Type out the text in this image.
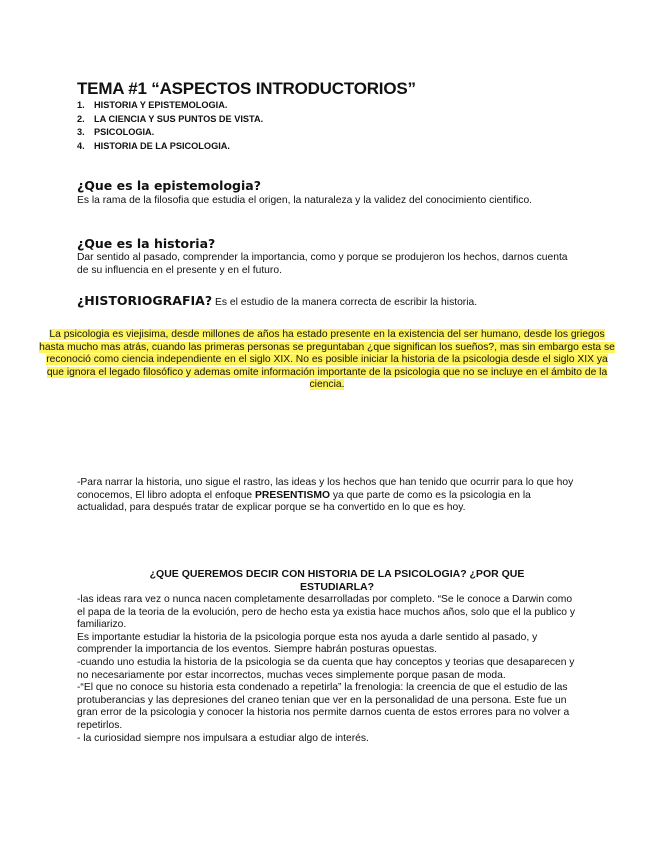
TEMA #1 “ASPECTOS INTRODUCTORIOS”
1. HISTORIA Y EPISTEMOLOGIA.
2. LA CIENCIA Y SUS PUNTOS DE VISTA.
3. PSICOLOGIA.
4. HISTORIA DE LA PSICOLOGIA.
¿Que es la epistemologia?

Es la rama de la filosofia que estudia el origen, la naturaleza y la validez del conocimiento cientifico.

¿Que es la historia?

Dar sentido al pasado, comprender la importancia, como y porque se produjeron los hechos, darnos cuenta de su influencia en el presente y en el futuro.

¿HISTORIOGRAFIA? Es el estudio de la manera correcta de escribir la historia.

La psicologia es viejisima, desde millones de años ha estado presente en la existencia del ser humano, desde los griegos hasta mucho mas atrás, cuando las primeras personas se preguntaban ¿que significan los sueños?, mas sin embargo esta se reconoció como ciencia independiente en el siglo XIX. No es posible iniciar la historia de la psicologia desde el siglo XIX ya que ignora el legado filosófico y ademas omite información importante de la psicologia que no se incluye en el ámbito de la ciencia.

-Para narrar la historia, uno sigue el rastro, las ideas y los hechos que han tenido que ocurrir para lo que hoy conocemos, El libro adopta el enfoque PRESENTISMO ya que parte de como es la psicologia en la actualidad, para después tratar de explicar porque se ha convertido en lo que es hoy.

¿QUE QUEREMOS DECIR CON HISTORIA DE LA PSICOLOGIA? ¿POR QUE ESTUDIARLA?

-las ideas rara vez o nunca nacen completamente desarrolladas por completo. “Se le conoce a Darwin como el papa de la teoria de la evolución, pero de hecho esta ya existia hace muchos años, solo que el la publico y familiarizo.

Es importante estudiar la historia de la psicologia porque esta nos ayuda a darle sentido al pasado, y comprender la importancia de los eventos. Siempre habrán posturas opuestas.

-cuando uno estudia la historia de la psicologia se da cuenta que hay conceptos y teorias que desaparecen y no necesariamente por estar incorrectos, muchas veces simplemente porque pasan de moda.

-“El que no conoce su historia esta condenado a repetirla” la frenologia: la creencia de que el estudio de las protuberancias y las depresiones del craneo tenian que ver en la personalidad de una persona. Este fue un gran error de la psicologia y conocer la historia nos permite darnos cuenta de estos errores para no volver a repetirlos.

- la curiosidad siempre nos impulsara a estudiar algo de interés.
